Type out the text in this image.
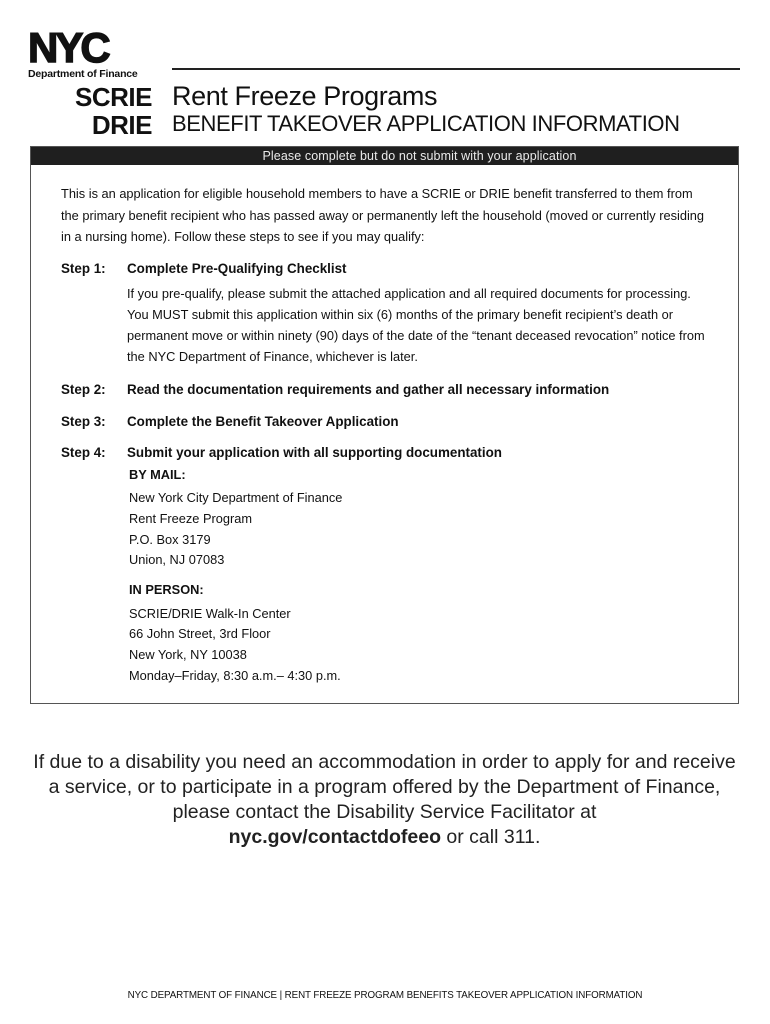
NYC
Department of Finance
SCRIE
DRIE
Rent Freeze Programs
BENEFIT TAKEOVER APPLICATION INFORMATION
Please complete but do not submit with your application

This is an application for eligible household members to have a SCRIE or DRIE benefit transferred to them from the primary benefit recipient who has passed away or permanently left the household (moved or currently residing in a nursing home). Follow these steps to see if you may qualify:

Step 1:	Complete Pre-Qualifying Checklist
If you pre-qualify, please submit the attached application and all required documents for processing. You MUST submit this application within six (6) months of the primary benefit recipient’s death or permanent move or within ninety (90) days of the date of the “tenant deceased revocation” notice from the NYC Department of Finance, whichever is later.
Step 2:	Read the documentation requirements and gather all necessary information
Step 3:	Complete the Benefit Takeover Application
Step 4:	Submit your application with all supporting documentation
BY MAIL:
New York City Department of Finance
Rent Freeze Program
P.O. Box 3179
Union, NJ 07083
IN PERSON:
SCRIE/DRIE Walk-In Center
66 John Street, 3rd Floor
New York, NY 10038
Monday–Friday, 8:30 a.m.– 4:30 p.m.
If due to a disability you need an accommodation in order to apply for and receive a service, or to participate in a program offered by the Department of Finance, please contact the Disability Service Facilitator at
nyc.gov/contactdofeeo or call 311.
NYC DEPARTMENT OF FINANCE | RENT FREEZE PROGRAM BENEFITS TAKEOVER APPLICATION INFORMATION
